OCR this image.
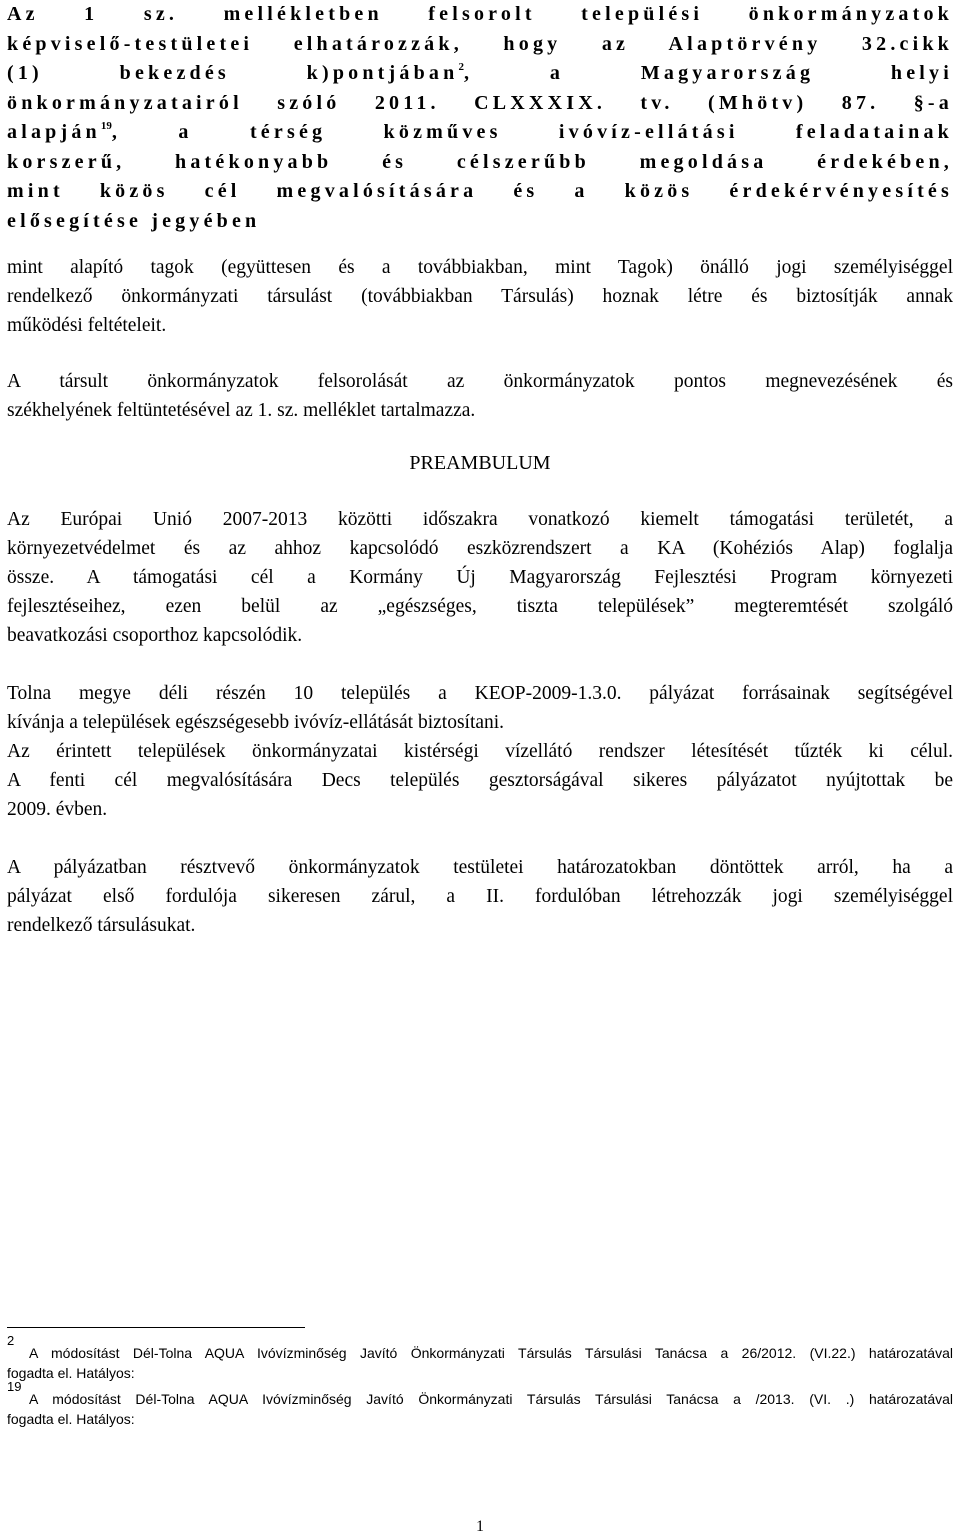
Az 1 sz. mellékletben felsorolt települési önkormányzatok
képviselő-testületei elhatározzák, hogy az Alaptörvény 32.cikk
(1) bekezdés k)pontjában$^2$, a Magyarország helyi
önkormányzatairól szóló 2011. CLXXXIX. tv. (Mhötv) 87. §-a
alapján$^{19}$, a térség közműves ivóvíz-ellátási feladatainak
korszerű, hatékonyabb és célszerűbb megoldása érdekében,
mint közös cél megvalósítására és a közös érdekérvényesítés
elősegítése jegyében

mint alapító tagok (együttesen és a továbbiakban, mint Tagok) önálló jogi személyiséggel
rendelkező önkormányzati társulást (továbbiakban Társulás) hoznak létre és biztosítják annak
működési feltételeit.

A társult önkormányzatok felsorolását az önkormányzatok pontos megnevezésének és
székhelyének feltüntetésével az 1. sz. melléklet tartalmazza.

PREAMBULUM

Az Európai Unió 2007-2013 közötti időszakra vonatkozó kiemelt támogatási területét, a
környezetvédelmet és az ahhoz kapcsolódó eszközrendszert a KA (Kohéziós Alap) foglalja
össze. A támogatási cél a Kormány Új Magyarország Fejlesztési Program környezeti
fejlesztéseihez, ezen belül az „egészséges, tiszta települések” megteremtését szolgáló
beavatkozási csoporthoz kapcsolódik.

Tolna megye déli részén 10 település a KEOP-2009-1.3.0. pályázat forrásainak segítségével
kívánja a települések egészségesebb ivóvíz-ellátását biztosítani.
Az érintett települések önkormányzatai kistérségi vízellátó rendszer létesítését tűzték ki célul.
A fenti cél megvalósítására Decs település gesztorságával sikeres pályázatot nyújtottak be
2009. évben.

A pályázatban résztvevő önkormányzatok testületei határozatokban döntöttek arról, ha a
pályázat első fordulója sikeresen zárul, a II. fordulóban létrehozzák jogi személyiséggel
rendelkező társulásukat.

2
A módosítást Dél-Tolna AQUA Ivóvízminőség Javító Önkormányzati Társulás Társulási Tanácsa a 26/2012. (VI.22.) határozatával
fogadta el. Hatályos:
19
A módosítást Dél-Tolna AQUA Ivóvízminőség Javító Önkormányzati Társulás Társulási Tanácsa a /2013. (VI. .) határozatával
fogadta el. Hatályos:
1
